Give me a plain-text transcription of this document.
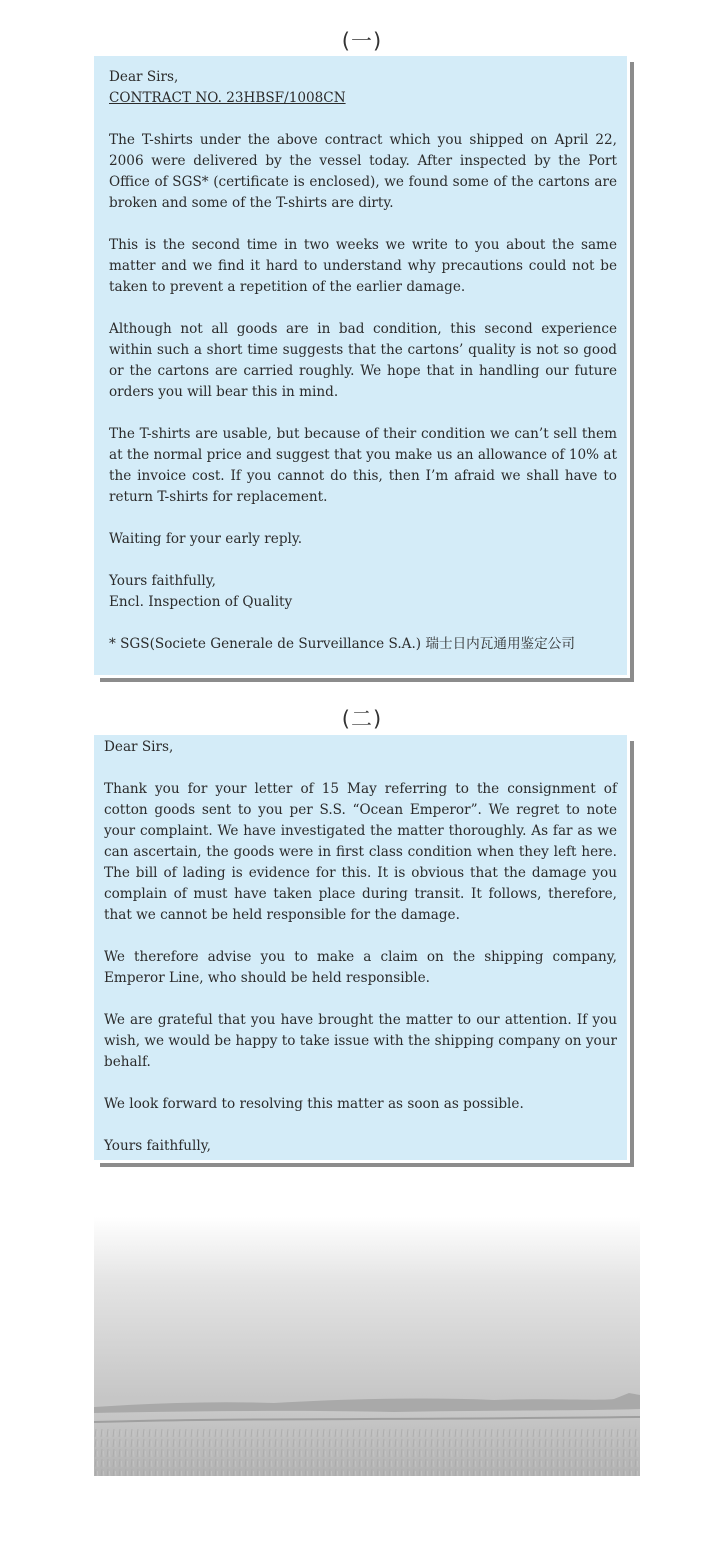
(一)

Dear Sirs,

CONTRACT NO. 23HBSF/1008CN

The T-shirts under the above contract which you shipped on April 22, 2006 were delivered by the vessel today. After inspected by the Port Office of SGS* (certificate is enclosed), we found some of the cartons are broken and some of the T-shirts are dirty.

This is the second time in two weeks we write to you about the same matter and we find it hard to understand why precautions could not be taken to prevent a repetition of the earlier damage.

Although not all goods are in bad condition, this second experience within such a short time suggests that the cartons’ quality is not so good or the cartons are carried roughly. We hope that in handling our future orders you will bear this in mind.

The T-shirts are usable, but because of their condition we can’t sell them at the normal price and suggest that you make us an allowance of 10% at the invoice cost. If you cannot do this, then I’m afraid we shall have to return T-shirts for replacement.

Waiting for your early reply.

Yours faithfully,

Encl. Inspection of Quality

* SGS(Societe Generale de Surveillance S.A.) 瑞士日内瓦通用鉴定公司

(二)

Dear Sirs,

Thank you for your letter of 15 May referring to the consignment of cotton goods sent to you per S.S. “Ocean Emperor”. We regret to note your complaint. We have investigated the matter thoroughly. As far as we can ascertain, the goods were in first class condition when they left here. The bill of lading is evidence for this. It is obvious that the damage you complain of must have taken place during transit. It follows, therefore, that we cannot be held responsible for the damage.

We therefore advise you to make a claim on the shipping company, Emperor Line, who should be held responsible.

We are grateful that you have brought the matter to our attention. If you wish, we would be happy to take issue with the shipping company on your behalf.

We look forward to resolving this matter as soon as possible.

Yours faithfully,
